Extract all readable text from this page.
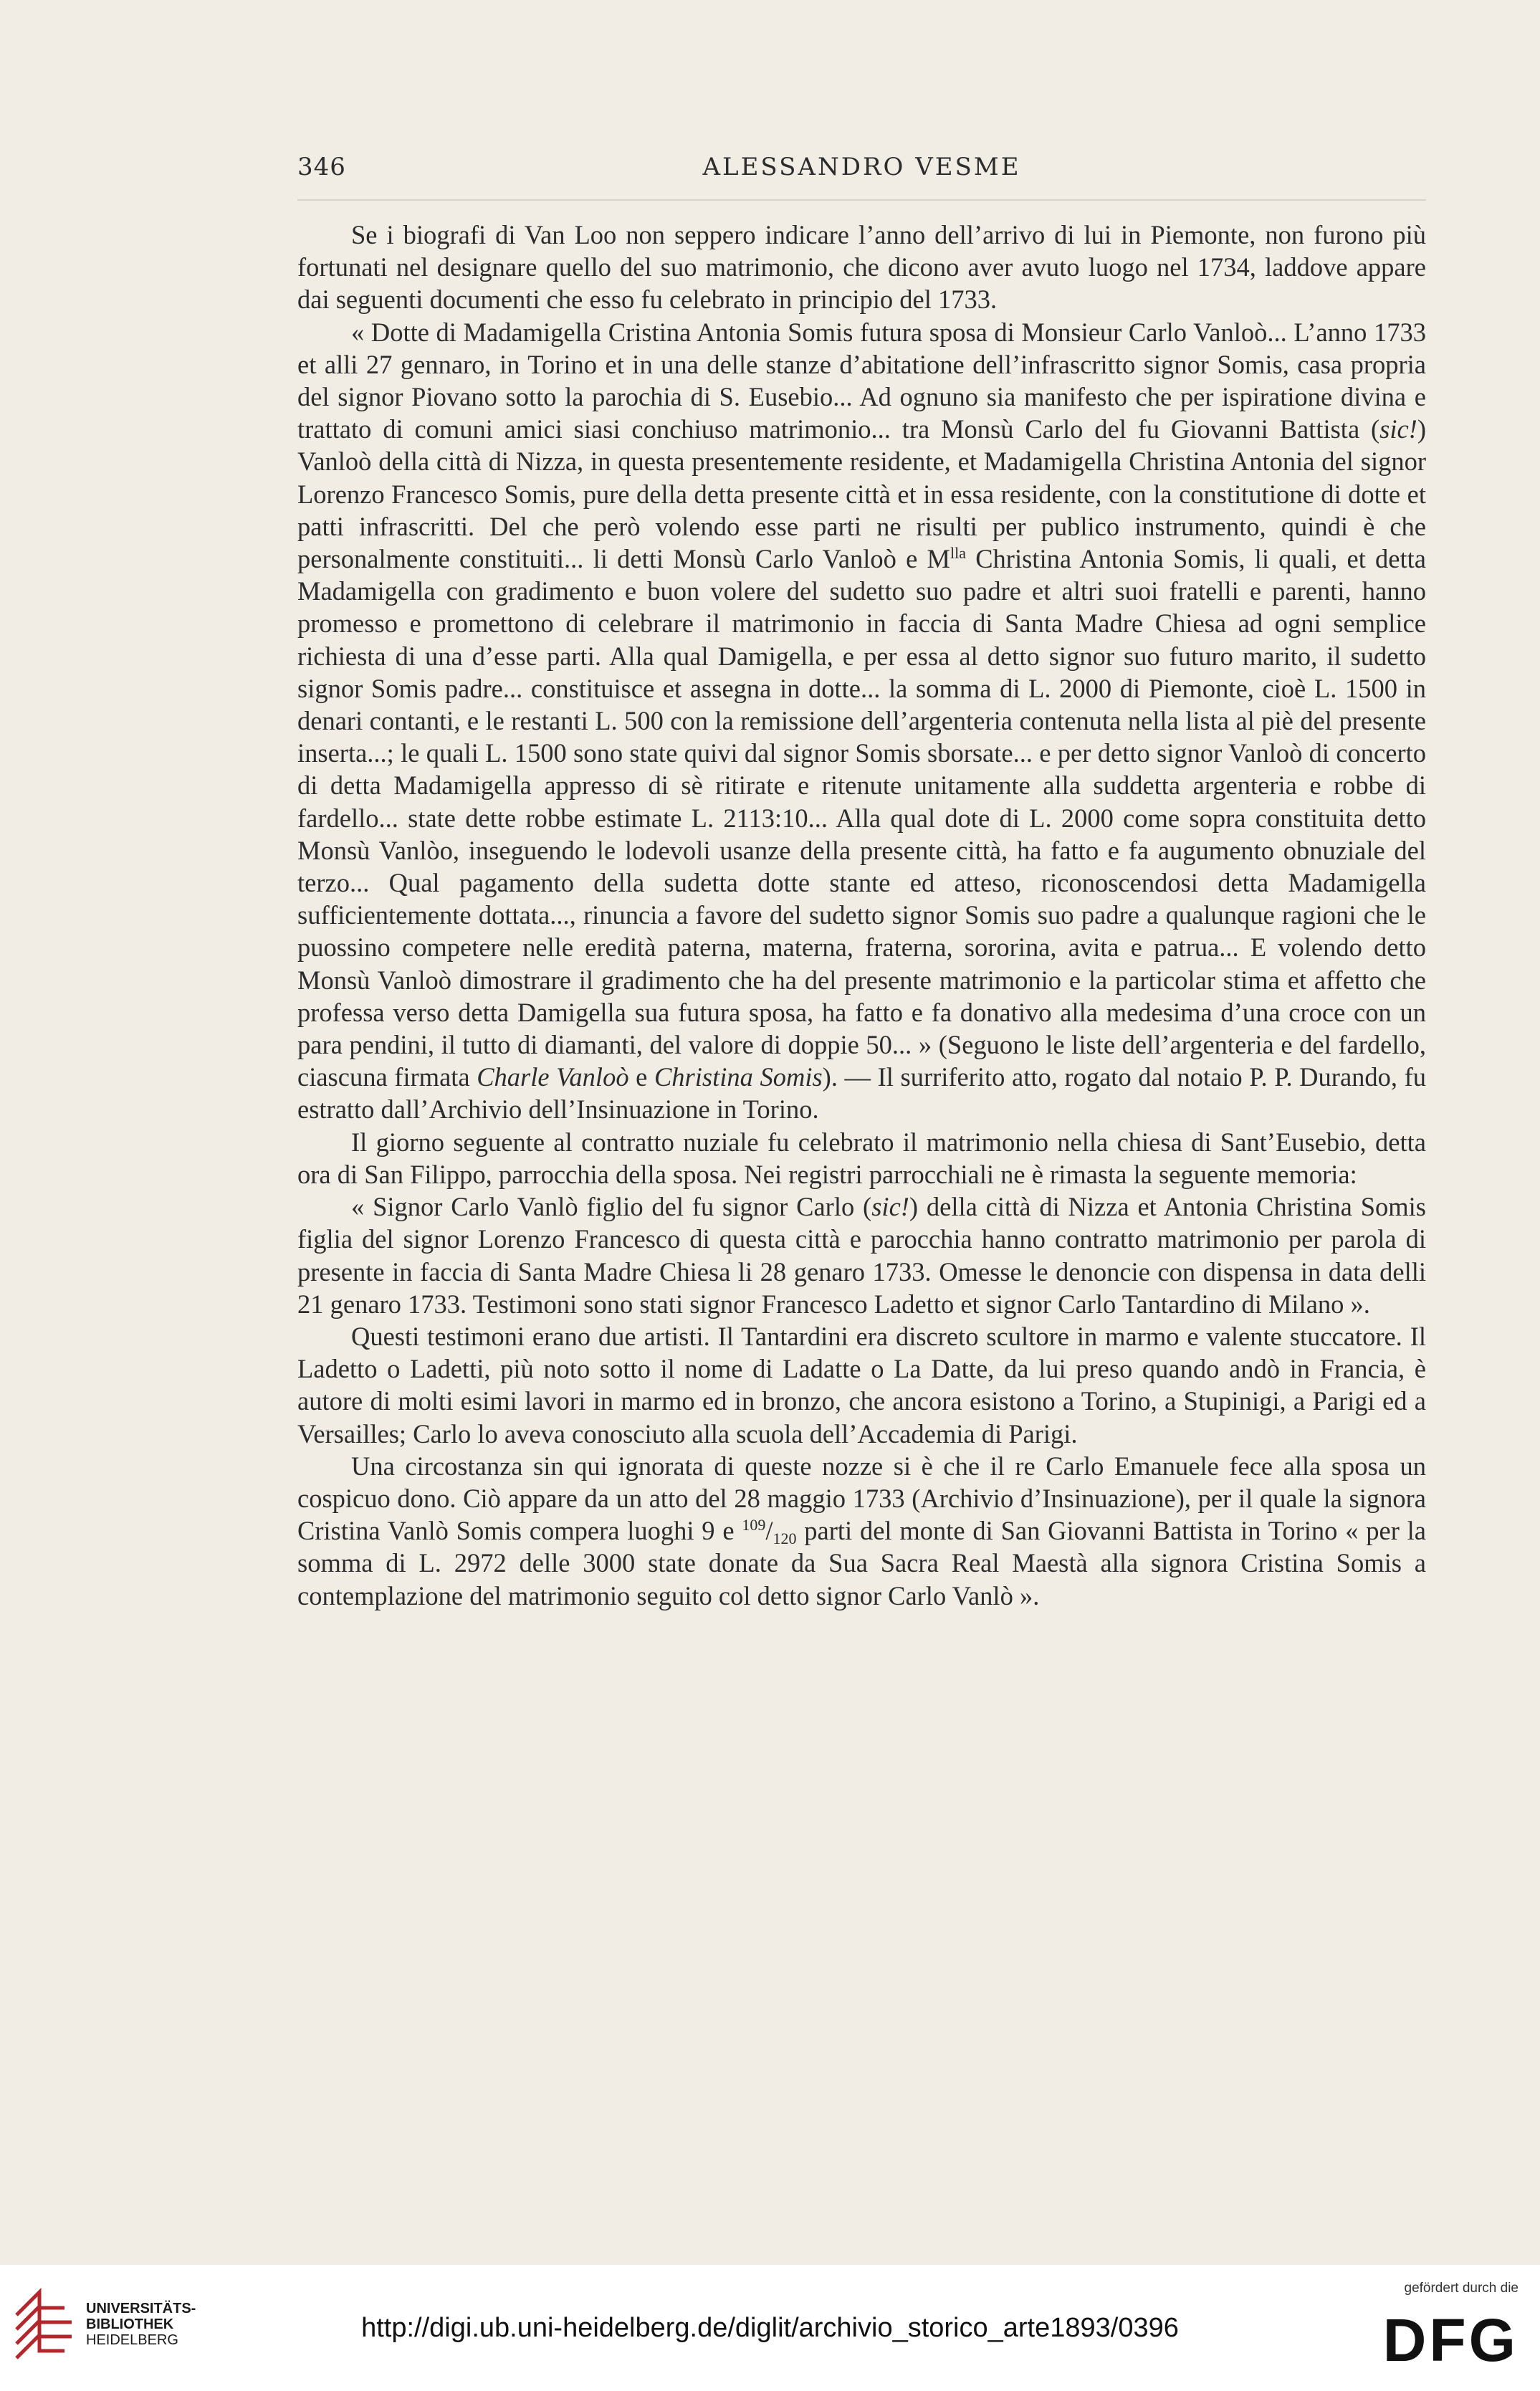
346	ALESSANDRO VESME

Se i biografi di Van Loo non seppero indicare l’anno dell’arrivo di lui in Piemonte, non furono più fortunati nel designare quello del suo matrimonio, che dicono aver avuto luogo nel 1734, laddove appare dai seguenti documenti che esso fu celebrato in principio del 1733.

« Dotte di Madamigella Cristina Antonia Somis futura sposa di Monsieur Carlo Vanloò... L’anno 1733 et alli 27 gennaro, in Torino et in una delle stanze d’abitatione dell’infrascritto signor Somis, casa propria del signor Piovano sotto la parochia di S. Eusebio... Ad ognuno sia manifesto che per ispiratione divina e trattato di comuni amici siasi conchiuso matrimonio... tra Monsù Carlo del fu Giovanni Battista (sic!) Vanloò della città di Nizza, in questa presentemente residente, et Madamigella Christina Antonia del signor Lorenzo Francesco Somis, pure della detta presente città et in essa residente, con la constitutione di dotte et patti infrascritti. Del che però volendo esse parti ne risulti per publico instrumento, quindi è che personalmente constituiti... li detti Monsù Carlo Vanloò e $M^{lla}$ Christina Antonia Somis, li quali, et detta Madamigella con gradimento e buon volere del sudetto suo padre et altri suoi fratelli e parenti, hanno promesso e promettono di celebrare il matrimonio in faccia di Santa Madre Chiesa ad ogni semplice richiesta di una d’esse parti. Alla qual Damigella, e per essa al detto signor suo futuro marito, il sudetto signor Somis padre... constituisce et assegna in dotte... la somma di L. 2000 di Piemonte, cioè L. 1500 in denari contanti, e le restanti L. 500 con la remissione dell’argenteria contenuta nella lista al piè del presente inserta...; le quali L. 1500 sono state quivi dal signor Somis sborsate... e per detto signor Vanloò di concerto di detta Madamigella appresso di sè ritirate e ritenute unitamente alla suddetta argenteria e robbe di fardello... state dette robbe estimate L. 2113:10... Alla qual dote di L. 2000 come sopra constituita detto Monsù Vanlòo, inseguendo le lodevoli usanze della presente città, ha fatto e fa augumento obnuziale del terzo... Qual pagamento della sudetta dotte stante ed atteso, riconoscendosi detta Madamigella sufficientemente dottata..., rinuncia a favore del sudetto signor Somis suo padre a qualunque ragioni che le puossino competere nelle eredità paterna, materna, fraterna, sororina, avita e patrua... E volendo detto Monsù Vanloò dimostrare il gradimento che ha del presente matrimonio e la particolar stima et affetto che professa verso detta Damigella sua futura sposa, ha fatto e fa donativo alla medesima d’una croce con un para pendini, il tutto di diamanti, del valore di doppie 50... » (Seguono le liste dell’argenteria e del fardello, ciascuna firmata Charle Vanloò e Christina Somis). — Il surriferito atto, rogato dal notaio P. P. Durando, fu estratto dall’Archivio dell’Insinuazione in Torino.

Il giorno seguente al contratto nuziale fu celebrato il matrimonio nella chiesa di Sant’Eusebio, detta ora di San Filippo, parrocchia della sposa. Nei registri parrocchiali ne è rimasta la seguente memoria:

« Signor Carlo Vanlò figlio del fu signor Carlo (sic!) della città di Nizza et Antonia Christina Somis figlia del signor Lorenzo Francesco di questa città e parocchia hanno contratto matrimonio per parola di presente in faccia di Santa Madre Chiesa li 28 genaro 1733. Omesse le denoncie con dispensa in data delli 21 genaro 1733. Testimoni sono stati signor Francesco Ladetto et signor Carlo Tantardino di Milano ».

Questi testimoni erano due artisti. Il Tantardini era discreto scultore in marmo e valente stuccatore. Il Ladetto o Ladetti, più noto sotto il nome di Ladatte o La Datte, da lui preso quando andò in Francia, è autore di molti esimi lavori in marmo ed in bronzo, che ancora esistono a Torino, a Stupinigi, a Parigi ed a Versailles; Carlo lo aveva conosciuto alla scuola dell’Accademia di Parigi.

Una circostanza sin qui ignorata di queste nozze si è che il re Carlo Emanuele fece alla sposa un cospicuo dono. Ciò appare da un atto del 28 maggio 1733 (Archivio d’Insinuazione), per il quale la signora Cristina Vanlò Somis compera luoghi 9 e $^{109}$/120 parti del monte di San Giovanni Battista in Torino « per la somma di L. 2972 delle 3000 state donate da Sua Sacra Real Maestà alla signora Cristina Somis a contemplazione del matrimonio seguito col detto signor Carlo Vanlò ».

UNIVERSITÄTS-
BIBLIOTHEK
HEIDELBERG	http://digi.ub.uni-heidelberg.de/diglit/archivio_storico_arte1893/0396
gefördert durch die
DFG
